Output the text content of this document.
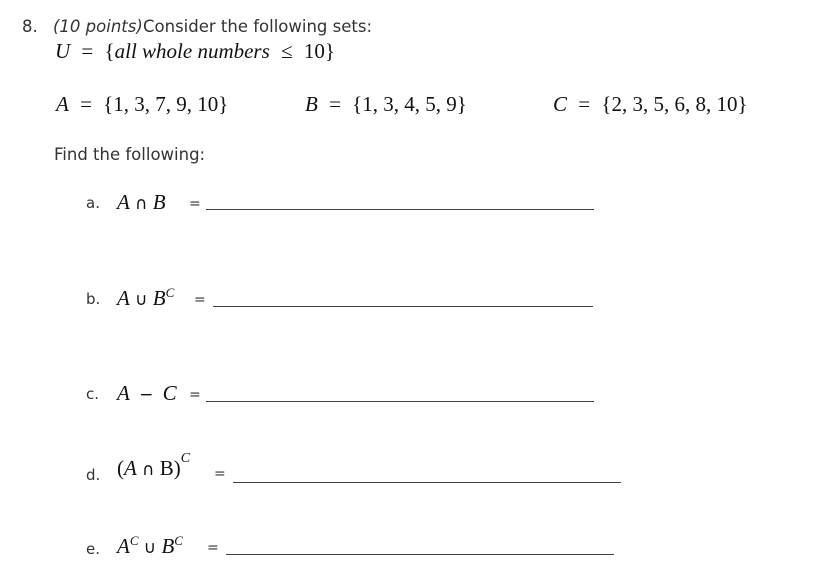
8. (10 points) Consider the following sets:
U = {all whole numbers ≤ 10}
A = {1, 3, 7, 9, 10}	B = {1, 3, 4, 5, 9}	C = {2, 3, 5, 6, 8, 10}
Find the following:
a. A ∩ B =
b. A ∪ $B^C$ =
c. A − C =
d. (A ∩ B)$^C$
=
e. $A^C$ ∪ $B^C$ =
